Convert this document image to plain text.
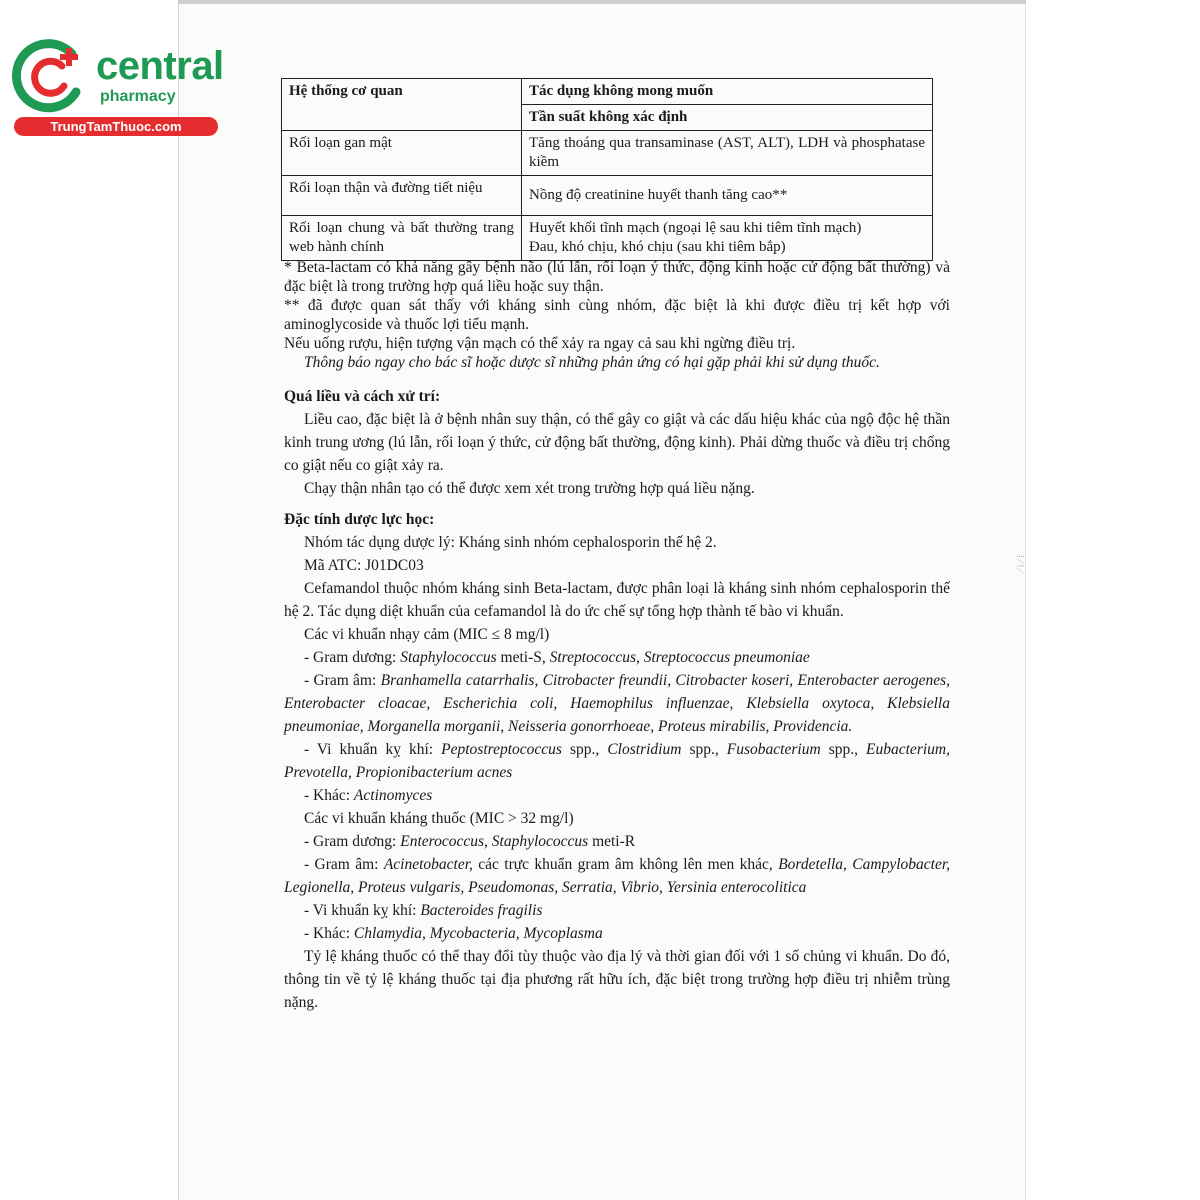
central
pharmacy
TrungTamThuoc.com
Hệ thống cơ quan	Tác dụng không mong muốn
	Tần suất không xác định
Rối loạn gan mật	Tăng thoáng qua transaminase (AST, ALT), LDH và phosphatase kiềm
Rối loạn thận và đường tiết niệu	Nồng độ creatinine huyết thanh tăng cao**
Rối loạn chung và bất thường trang web hành chính	Huyết khối tĩnh mạch (ngoại lệ sau khi tiêm tĩnh mạch)
Đau, khó chịu, khó chịu (sau khi tiêm bắp)

* Beta-lactam có khả năng gây bệnh não (lú lẫn, rối loạn ý thức, động kinh hoặc cử động bất thường) và đặc biệt là trong trường hợp quá liều hoặc suy thận.

** đã được quan sát thấy với kháng sinh cùng nhóm, đặc biệt là khi được điều trị kết hợp với aminoglycoside và thuốc lợi tiểu mạnh.

Nếu uống rượu, hiện tượng vận mạch có thể xảy ra ngay cả sau khi ngừng điều trị.

Thông báo ngay cho bác sĩ hoặc dược sĩ những phản ứng có hại gặp phải khi sử dụng thuốc.

Quá liều và cách xử trí:

Liều cao, đặc biệt là ở bệnh nhân suy thận, có thể gây co giật và các dấu hiệu khác của ngộ độc hệ thần kinh trung ương (lú lẫn, rối loạn ý thức, cử động bất thường, động kinh). Phải dừng thuốc và điều trị chống co giật nếu co giật xảy ra.

Chạy thận nhân tạo có thể được xem xét trong trường hợp quá liều nặng.

Đặc tính dược lực học:

Nhóm tác dụng dược lý: Kháng sinh nhóm cephalosporin thế hệ 2.

Mã ATC: J01DC03

Cefamandol thuộc nhóm kháng sinh Beta-lactam, được phân loại là kháng sinh nhóm cephalosporin thế hệ 2. Tác dụng diệt khuẩn của cefamandol là do ức chế sự tổng hợp thành tế bào vi khuẩn.

Các vi khuẩn nhạy cảm (MIC ≤ 8 mg/l)

- Gram dương: Staphylococcus meti-S, Streptococcus, Streptococcus pneumoniae

- Gram âm: Branhamella catarrhalis, Citrobacter freundii, Citrobacter koseri, Enterobacter aerogenes, Enterobacter cloacae, Escherichia coli, Haemophilus influenzae, Klebsiella oxytoca, Klebsiella pneumoniae, Morganella morganii, Neisseria gonorrhoeae, Proteus mirabilis, Providencia.

- Vi khuẩn kỵ khí: Peptostreptococcus spp., Clostridium spp., Fusobacterium spp., Eubacterium, Prevotella, Propionibacterium acnes

- Khác: Actinomyces

Các vi khuẩn kháng thuốc (MIC > 32 mg/l)

- Gram dương: Enterococcus, Staphylococcus meti-R

- Gram âm: Acinetobacter, các trực khuẩn gram âm không lên men khác, Bordetella, Campylobacter, Legionella, Proteus vulgaris, Pseudomonas, Serratia, Vibrio, Yersinia enterocolitica

- Vi khuẩn kỵ khí: Bacteroides fragilis

- Khác: Chlamydia, Mycobacteria, Mycoplasma

Tỷ lệ kháng thuốc có thể thay đổi tùy thuộc vào địa lý và thời gian đối với 1 số chủng vi khuẩn. Do đó, thông tin về tỷ lệ kháng thuốc tại địa phương rất hữu ích, đặc biệt trong trường hợp điều trị nhiễm trùng nặng.

⁞ ⁄ ⁞ ⁄
